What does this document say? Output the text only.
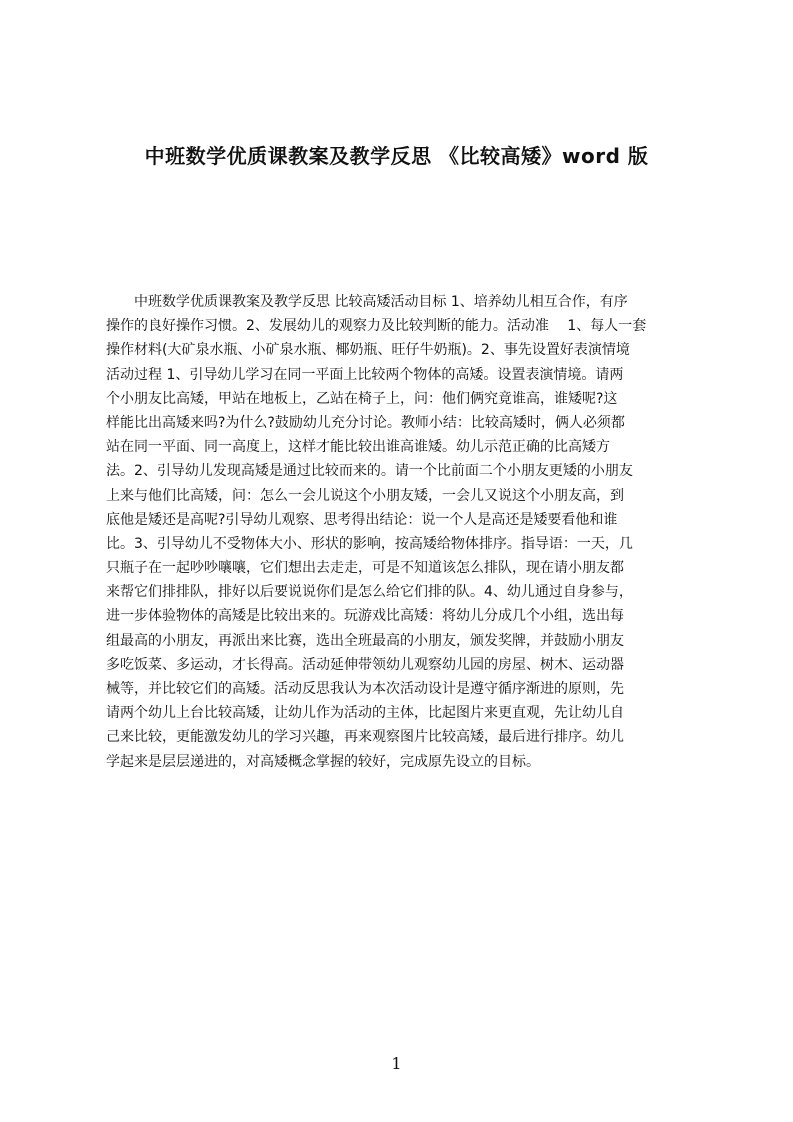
中班数学优质课教案及教学反思 《比较高矮》word 版
　　中班数学优质课教案及教学反思 比较高矮活动目标 1、培养幼儿相互合作，有序
操作的良好操作习惯。2、发展幼儿的观察力及比较判断的能力。活动准　 1、每人一套
操作材料(大矿泉水瓶、小矿泉水瓶、椰奶瓶、旺仔牛奶瓶)。2、事先设置好表演情境
活动过程 1、引导幼儿学习在同一平面上比较两个物体的高矮。设置表演情境。请两
个小朋友比高矮，甲站在地板上，乙站在椅子上，问：他们俩究竟谁高，谁矮呢?这
样能比出高矮来吗?为什么?鼓励幼儿充分讨论。教师小结：比较高矮时，俩人必须都
站在同一平面、同一高度上，这样才能比较出谁高谁矮。幼儿示范正确的比高矮方
法。2、引导幼儿发现高矮是通过比较而来的。请一个比前面二个小朋友更矮的小朋友
上来与他们比高矮，问：怎么一会儿说这个小朋友矮，一会儿又说这个小朋友高，到
底他是矮还是高呢?引导幼儿观察、思考得出结论：说一个人是高还是矮要看他和谁
比。3、引导幼儿不受物体大小、形状的影响，按高矮给物体排序。指导语：一天，几
只瓶子在一起吵吵嚷嚷，它们想出去走走，可是不知道该怎么排队，现在请小朋友都
来帮它们排排队，排好以后要说说你们是怎么给它们排的队。4、幼儿通过自身参与，
进一步体验物体的高矮是比较出来的。玩游戏比高矮：将幼儿分成几个小组，选出每
组最高的小朋友，再派出来比赛，选出全班最高的小朋友，颁发奖牌，并鼓励小朋友
多吃饭菜、多运动，才长得高。活动延伸带领幼儿观察幼儿园的房屋、树木、运动器
械等，并比较它们的高矮。活动反思我认为本次活动设计是遵守循序渐进的原则，先
请两个幼儿上台比较高矮，让幼儿作为活动的主体，比起图片来更直观，先让幼儿自
己来比较，更能激发幼儿的学习兴趣，再来观察图片比较高矮，最后进行排序。幼儿
学起来是层层递进的，对高矮概念掌握的较好，完成原先设立的目标。
1
